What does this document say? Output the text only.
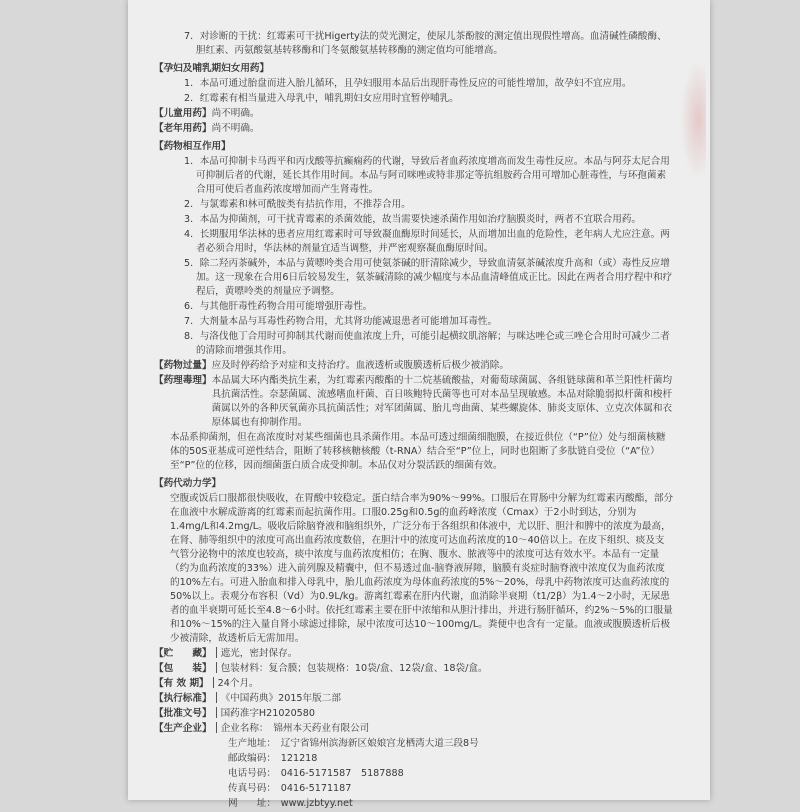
7．对诊断的干扰：红霉素可干扰Higerty法的荧光测定，使尿儿茶酚胺的测定值出现假性增高。血清碱性磷酸酶、胆红素、丙氨酸氨基转移酶和门冬氨酸氨基转移酶的测定值均可能增高。

【孕妇及哺乳期妇女用药】

1．本品可通过胎盘而进入胎儿循环，且孕妇服用本品后出现肝毒性反应的可能性增加，故孕妇不宜应用。

2．红霉素有相当量进入母乳中，哺乳期妇女应用时宜暂停哺乳。

【儿童用药】 尚不明确。
【老年用药】 尚不明确。
【药物相互作用】

1．本品可抑制卡马西平和丙戊酸等抗癫痫药的代谢，导致后者血药浓度增高而发生毒性反应。本品与阿芬太尼合用可抑制后者的代谢，延长其作用时间。本品与阿司咪唑或特非那定等抗组胺药合用可增加心脏毒性，与环孢菌素合用可使后者血药浓度增加而产生肾毒性。

2．与氯霉素和林可酰胺类有拮抗作用，不推荐合用。

3．本品为抑菌剂，可干扰青霉素的杀菌效能，故当需要快速杀菌作用如治疗脑膜炎时，两者不宜联合用药。

4．长期服用华法林的患者应用红霉素时可导致凝血酶原时间延长，从而增加出血的危险性，老年病人尤应注意。两者必须合用时，华法林的剂量宜适当调整，并严密观察凝血酶原时间。

5．除二羟丙茶碱外，本品与黄嘌呤类合用可使氨茶碱的肝清除减少，导致血清氨茶碱浓度升高和（或）毒性反应增加。这一现象在合用6日后较易发生，氨茶碱清除的减少幅度与本品血清峰值成正比。因此在两者合用疗程中和疗程后，黄嘌呤类的剂量应予调整。

6．与其他肝毒性药物合用可能增强肝毒性。

7．大剂量本品与耳毒性药物合用，尤其肾功能减退患者可能增加耳毒性。

8．与洛伐他丁合用时可抑制其代谢而使血浓度上升，可能引起横纹肌溶解；与咪达唑仑或三唑仑合用时可减少二者的清除而增强其作用。

【药物过量】 应及时停药给予对症和支持治疗。血液透析或腹膜透析后极少被消除。
【药理毒理】 本品属大环内酯类抗生素，为红霉素丙酸酯的十二烷基硫酸盐，对葡萄球菌属、各组链球菌和革兰阳性杆菌均具抗菌活性。奈瑟菌属、流感嗜血杆菌、百日咳鲍特氏菌等也可对本品呈现敏感。本品对除脆弱拟杆菌和梭杆菌属以外的各种厌氧菌亦具抗菌活性；对军团菌属、胎儿弯曲菌、某些螺旋体、肺炎支原体、立克次体属和衣原体属也有抑制作用。

本品系抑菌剂，但在高浓度时对某些细菌也具杀菌作用。本品可透过细菌细胞膜，在接近供位（“P”位）处与细菌核糖体的50S亚基成可逆性结合，阻断了转移核糖核酸（t-RNA）结合至“P”位上，同时也阻断了多肽链自受位（“A”位）至“P”位的位移，因而细菌蛋白质合成受抑制。本品仅对分裂活跃的细菌有效。

【药代动力学】

空腹或饭后口服都很快吸收，在胃酸中较稳定。蛋白结合率为90%～99%。口服后在胃肠中分解为红霉素丙酸酯，部分在血液中水解成游离的红霉素而起抗菌作用。口服0.25g和0.5g的血药峰浓度（Cmax）于2小时到达，分别为1.4mg/L和4.2mg/L。吸收后除脑脊液和脑组织外，广泛分布于各组织和体液中，尤以肝、胆汁和脾中的浓度为最高，在肾、肺等组织中的浓度可高出血药浓度数倍，在胆汁中的浓度可达血药浓度的10～40倍以上。在皮下组织、痰及支气管分泌物中的浓度也较高，痰中浓度与血药浓度相仿；在胸、腹水、脓液等中的浓度可达有效水平。本品有一定量（约为血药浓度的33%）进入前列腺及精囊中，但不易透过血-脑脊液屏障，脑膜有炎症时脑脊液中浓度仅为血药浓度的10%左右。可进入胎血和排入母乳中，胎儿血药浓度为母体血药浓度的5%～20%，母乳中药物浓度可达血药浓度的50%以上。表观分布容积（Vd）为0.9L/kg。游离红霉素在肝内代谢，血消除半衰期（t1/2β）为1.4～2小时，无尿患者的血半衰期可延长至4.8～6小时。依托红霉素主要在肝中浓缩和从胆汁排出，并进行肠肝循环，约2%～5%的口服量和10%～15%的注入量自肾小球滤过排除，尿中浓度可达10～100mg/L。粪便中也含有一定量。血液或腹膜透析后极少被清除，故透析后无需加用。

【贮　　藏】 遮光，密封保存。
【包　　装】 包装材料：复合膜；包装规格：10袋/盒、12袋/盒、18袋/盒。
【有 效 期】 24个月。
【执行标准】 《中国药典》2015年版二部
【批准文号】 国药准字H21020580
【生产企业】 企业名称：　锦州本天药业有限公司
生产地址：　辽宁省锦州滨海新区娘娘宫龙栖湾大道三段8号
邮政编码：　121218
电话号码：　0416-5171587　5187888
传真号码：　0416-5171187
网　　址：　www.jzbtyy.net
